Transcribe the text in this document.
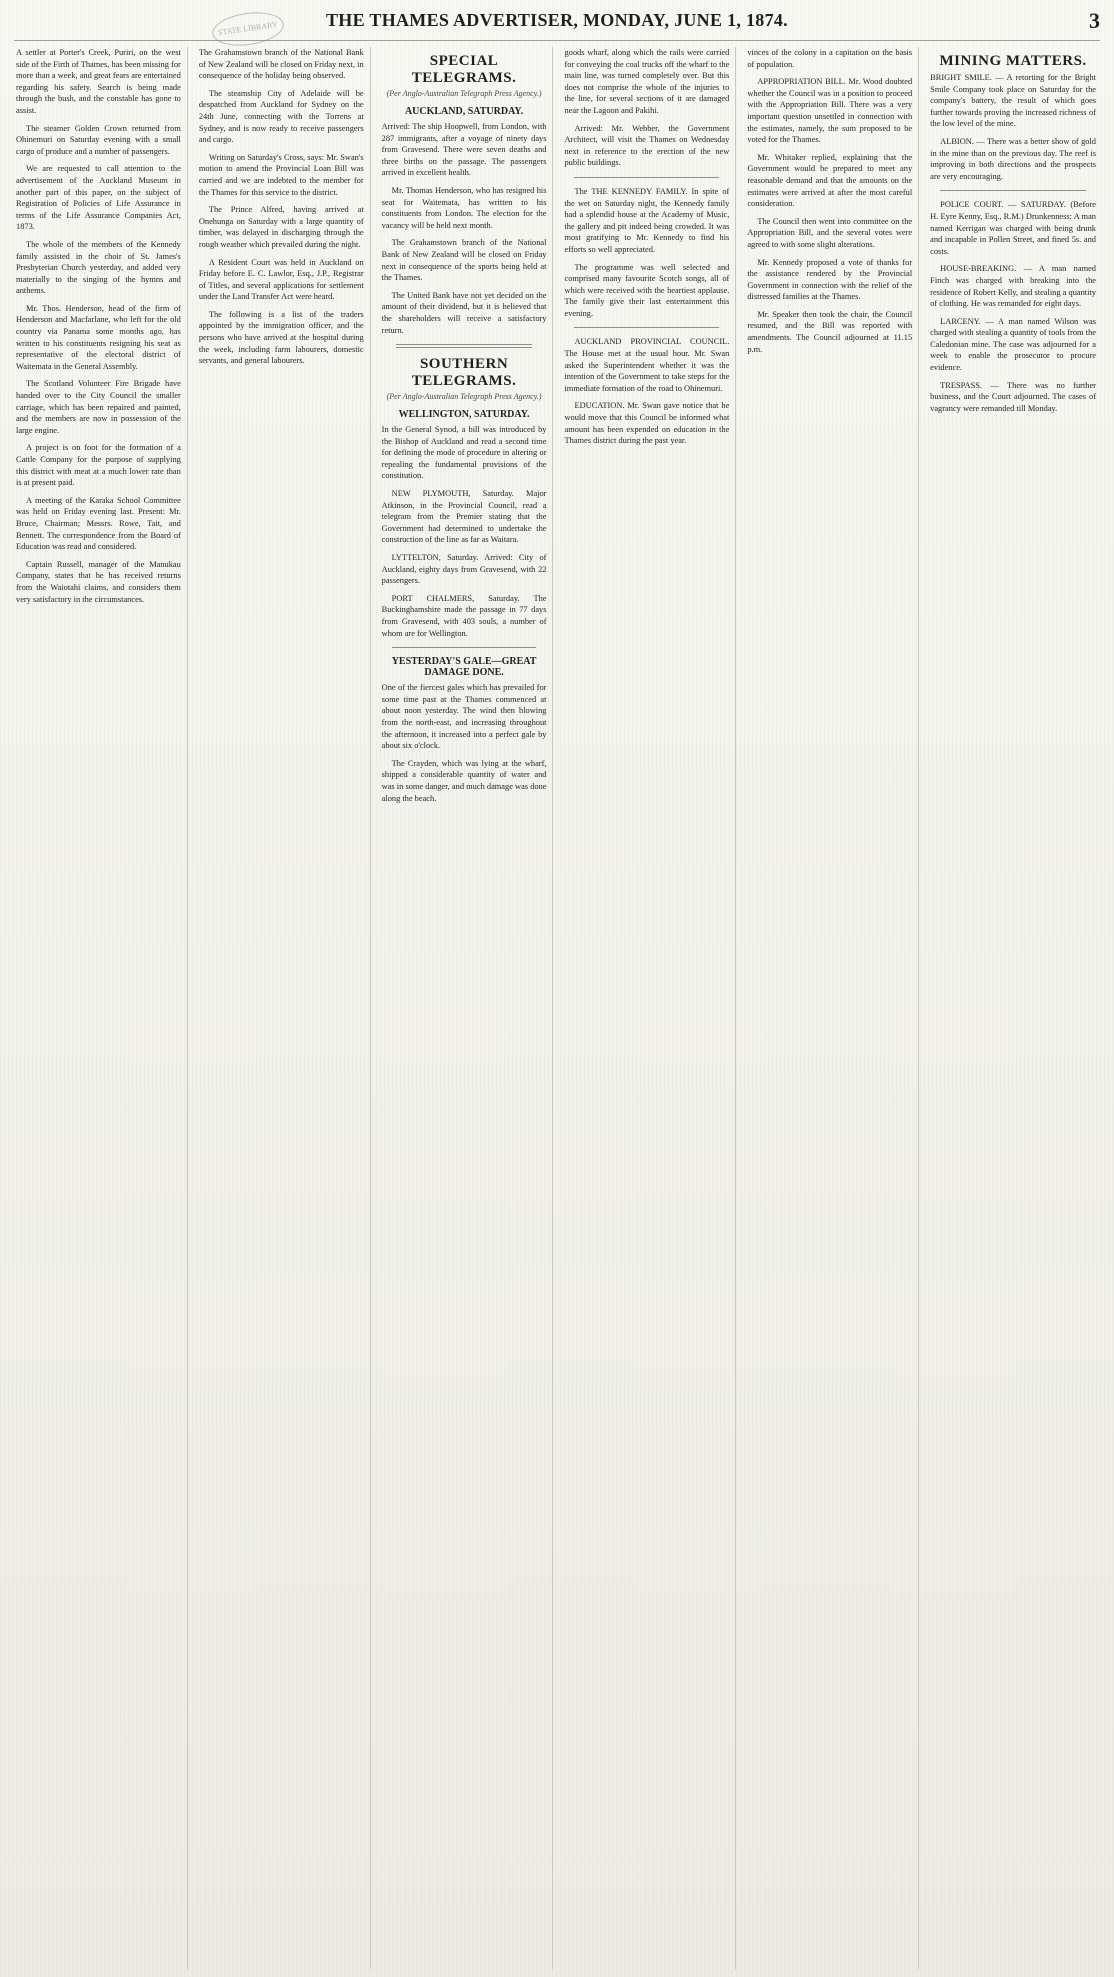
THE THAMES ADVERTISER, MONDAY, JUNE 1, 1874.	3
STATE LIBRARY

A settler at Porter's Creek, Puriri, on the west side of the Firth of Thames, has been missing for more than a week, and great fears are entertained regarding his safety. Search is being made through the bush, and the constable has gone to assist.

The steamer Golden Crown returned from Ohinemuri on Saturday evening with a small cargo of produce and a number of passengers.

We are requested to call attention to the advertisement of the Auckland Museum in another part of this paper, on the subject of Registration of Policies of Life Assurance in terms of the Life Assurance Companies Act, 1873.

The whole of the members of the Kennedy family assisted in the choir of St. James's Presbyterian Church yesterday, and added very materially to the singing of the hymns and anthems.

Mr. Thos. Henderson, head of the firm of Henderson and Macfarlane, who left for the old country via Panama some months ago, has written to his constituents resigning his seat as representative of the electoral district of Waitemata in the General Assembly.

The Scotland Volunteer Fire Brigade have handed over to the City Council the smaller carriage, which has been repaired and painted, and the members are now in possession of the large engine.

A project is on foot for the formation of a Cattle Company for the purpose of supplying this district with meat at a much lower rate than is at present paid.

A meeting of the Karaka School Committee was held on Friday evening last. Present: Mr. Bruce, Chairman; Messrs. Rowe, Tait, and Bennett. The correspondence from the Board of Education was read and considered.

Captain Russell, manager of the Manukau Company, states that he has received returns from the Waiotahi claims, and considers them very satisfactory in the circumstances.

The Grahamstown branch of the National Bank of New Zealand will be closed on Friday next, in consequence of the holiday being observed.

The steamship City of Adelaide will be despatched from Auckland for Sydney on the 24th June, connecting with the Torrens at Sydney, and is now ready to receive passengers and cargo.

Writing on Saturday's Cross, says: Mr. Swan's motion to amend the Provincial Loan Bill was carried and we are indebted to the member for the Thames for this service to the district.

The Prince Alfred, having arrived at Onehunga on Saturday with a large quantity of timber, was delayed in discharging through the rough weather which prevailed during the night.

A Resident Court was held in Auckland on Friday before E. C. Lawlor, Esq., J.P., Registrar of Titles, and several applications for settlement under the Land Transfer Act were heard.

The following is a list of the traders appointed by the immigration officer, and the persons who have arrived at the hospital during the week, including farm labourers, domestic servants, and general labourers.

SPECIAL TELEGRAMS.
(Per Anglo-Australian Telegraph Press Agency.)
AUCKLAND, SATURDAY.

Arrived: The ship Hoopwell, from London, with 287 immigrants, after a voyage of ninety days from Gravesend. There were seven deaths and three births on the passage. The passengers arrived in excellent health.

Mr. Thomas Henderson, who has resigned his seat for Waitemata, has written to his constituents from London. The election for the vacancy will be held next month.

The Grahamstown branch of the National Bank of New Zealand will be closed on Friday next in consequence of the sports being held at the Thames.

The United Bank have not yet decided on the amount of their dividend, but it is believed that the shareholders will receive a satisfactory return.

SOUTHERN TELEGRAMS.
(Per Anglo-Australian Telegraph Press Agency.)
WELLINGTON, SATURDAY.

In the General Synod, a bill was introduced by the Bishop of Auckland and read a second time for defining the mode of procedure in altering or repealing the fundamental provisions of the constitution.

NEW PLYMOUTH, Saturday. Major Atkinson, in the Provincial Council, read a telegram from the Premier stating that the Government had determined to undertake the construction of the line as far as Waitara.

LYTTELTON, Saturday. Arrived: City of Auckland, eighty days from Gravesend, with 22 passengers.

PORT CHALMERS, Saturday. The Buckinghamshire made the passage in 77 days from Gravesend, with 403 souls, a number of whom are for Wellington.

YESTERDAY'S GALE—GREAT DAMAGE DONE.

One of the fiercest gales which has prevailed for some time past at the Thames commenced at about noon yesterday. The wind then blowing from the north-east, and increasing throughout the afternoon, it increased into a perfect gale by about six o'clock.

The Crayden, which was lying at the wharf, shipped a considerable quantity of water and was in some danger, and much damage was done along the beach.

goods wharf, along which the rails were carried for conveying the coal trucks off the wharf to the main line, was turned completely over. But this does not comprise the whole of the injuries to the line, for several sections of it are damaged near the Lagoon and Pakihi.

Arrived: Mr. Webber, the Government Architect, will visit the Thames on Wednesday next in reference to the erection of the new public buildings.

The THE KENNEDY FAMILY. In spite of the wet on Saturday night, the Kennedy family had a splendid house at the Academy of Music, the gallery and pit indeed being crowded. It was most gratifying to Mr. Kennedy to find his efforts so well appreciated.

The programme was well selected and comprised many favourite Scotch songs, all of which were received with the heartiest applause. The family give their last entertainment this evening.

AUCKLAND PROVINCIAL COUNCIL. The House met at the usual hour. Mr. Swan asked the Superintendent whether it was the intention of the Government to take steps for the immediate formation of the road to Ohinemuri.

EDUCATION. Mr. Swan gave notice that he would move that this Council be informed what amount has been expended on education in the Thames district during the past year.

vinces of the colony in a capitation on the basis of population.

APPROPRIATION BILL. Mr. Wood doubted whether the Council was in a position to proceed with the Appropriation Bill. There was a very important question unsettled in connection with the estimates, namely, the sum proposed to be voted for the Thames.

Mr. Whitaker replied, explaining that the Government would be prepared to meet any reasonable demand and that the amounts on the estimates were arrived at after the most careful consideration.

The Council then went into committee on the Appropriation Bill, and the several votes were agreed to with some slight alterations.

Mr. Kennedy proposed a vote of thanks for the assistance rendered by the Provincial Government in connection with the relief of the distressed families at the Thames.

Mr. Speaker then took the chair, the Council resumed, and the Bill was reported with amendments. The Council adjourned at 11.15 p.m.

MINING MATTERS.

BRIGHT SMILE. — A retorting for the Bright Smile Company took place on Saturday for the company's battery, the result of which goes further towards proving the increased richness of the low level of the mine.

ALBION. — There was a better show of gold in the mine than on the previous day. The reef is improving in both directions and the prospects are very encouraging.

POLICE COURT. — SATURDAY. (Before H. Eyre Kenny, Esq., R.M.) Drunkenness: A man named Kerrigan was charged with being drunk and incapable in Pollen Street, and fined 5s. and costs.

HOUSE-BREAKING. — A man named Finch was charged with breaking into the residence of Robert Kelly, and stealing a quantity of clothing. He was remanded for eight days.

LARCENY. — A man named Wilson was charged with stealing a quantity of tools from the Caledonian mine. The case was adjourned for a week to enable the prosecutor to procure evidence.

TRESPASS. — There was no further business, and the Court adjourned. The cases of vagrancy were remanded till Monday.
